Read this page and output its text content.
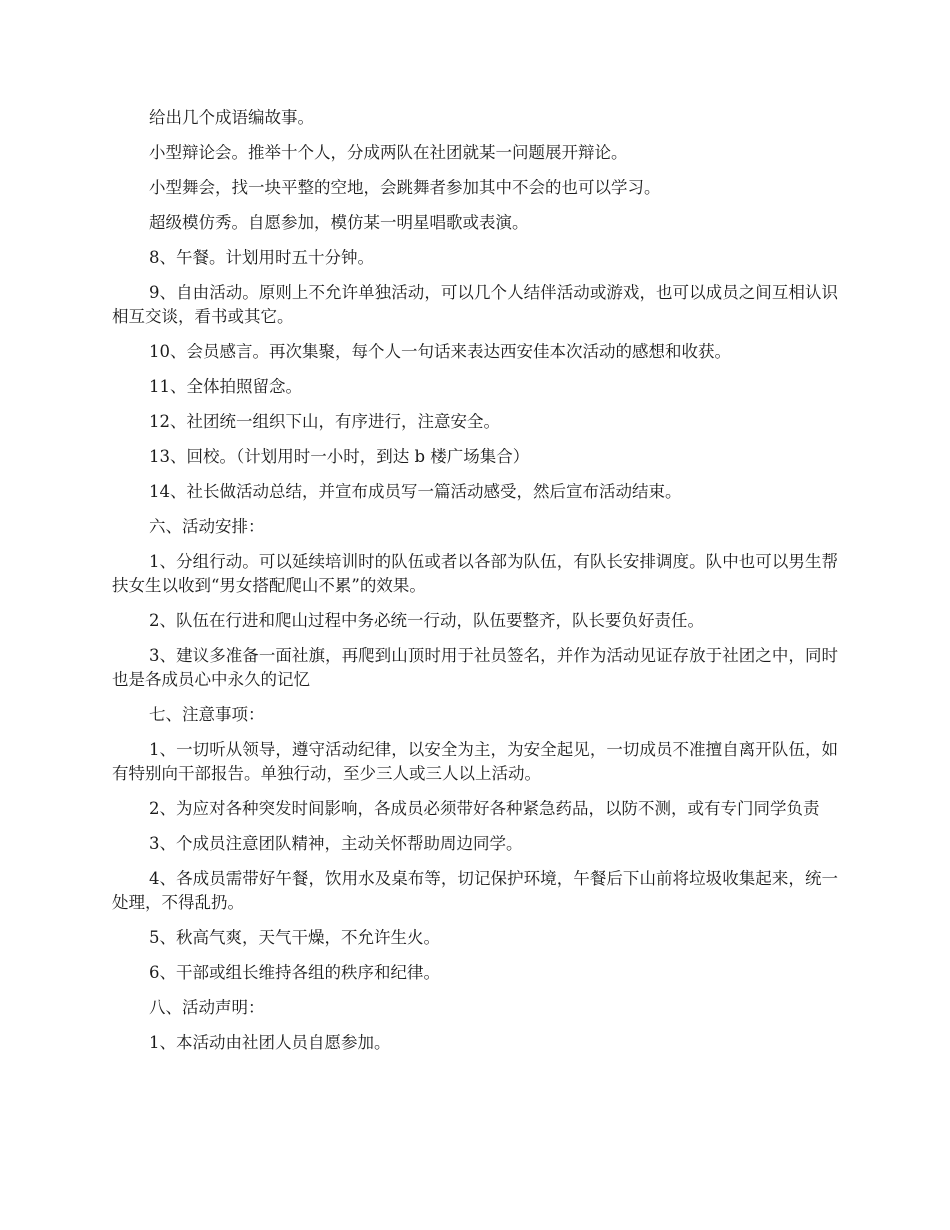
给出几个成语编故事。

小型辩论会。推举十个人，分成两队在社团就某一问题展开辩论。

小型舞会，找一块平整的空地，会跳舞者参加其中不会的也可以学习。

超级模仿秀。自愿参加，模仿某一明星唱歌或表演。

8、午餐。计划用时五十分钟。

9、自由活动。原则上不允许单独活动，可以几个人结伴活动或游戏，也可以成员之间互相认识相互交谈，看书或其它。

10、会员感言。再次集聚，每个人一句话来表达西安佳本次活动的感想和收获。

11、全体拍照留念。

12、社团统一组织下山，有序进行，注意安全。

13、回校。（计划用时一小时，到达 b 楼广场集合）

14、社长做活动总结，并宣布成员写一篇活动感受，然后宣布活动结束。

六、活动安排：

1、分组行动。可以延续培训时的队伍或者以各部为队伍，有队长安排调度。队中也可以男生帮扶女生以收到“男女搭配爬山不累”的效果。

2、队伍在行进和爬山过程中务必统一行动，队伍要整齐，队长要负好责任。

3、建议多准备一面社旗，再爬到山顶时用于社员签名，并作为活动见证存放于社团之中，同时也是各成员心中永久的记忆

七、注意事项：

1、一切听从领导，遵守活动纪律，以安全为主，为安全起见，一切成员不准擅自离开队伍，如有特别向干部报告。单独行动，至少三人或三人以上活动。

2、为应对各种突发时间影响，各成员必须带好各种紧急药品，以防不测，或有专门同学负责

3、个成员注意团队精神，主动关怀帮助周边同学。

4、各成员需带好午餐，饮用水及桌布等，切记保护环境，午餐后下山前将垃圾收集起来，统一处理，不得乱扔。

5、秋高气爽，天气干燥，不允许生火。

6、干部或组长维持各组的秩序和纪律。

八、活动声明：

1、本活动由社团人员自愿参加。
